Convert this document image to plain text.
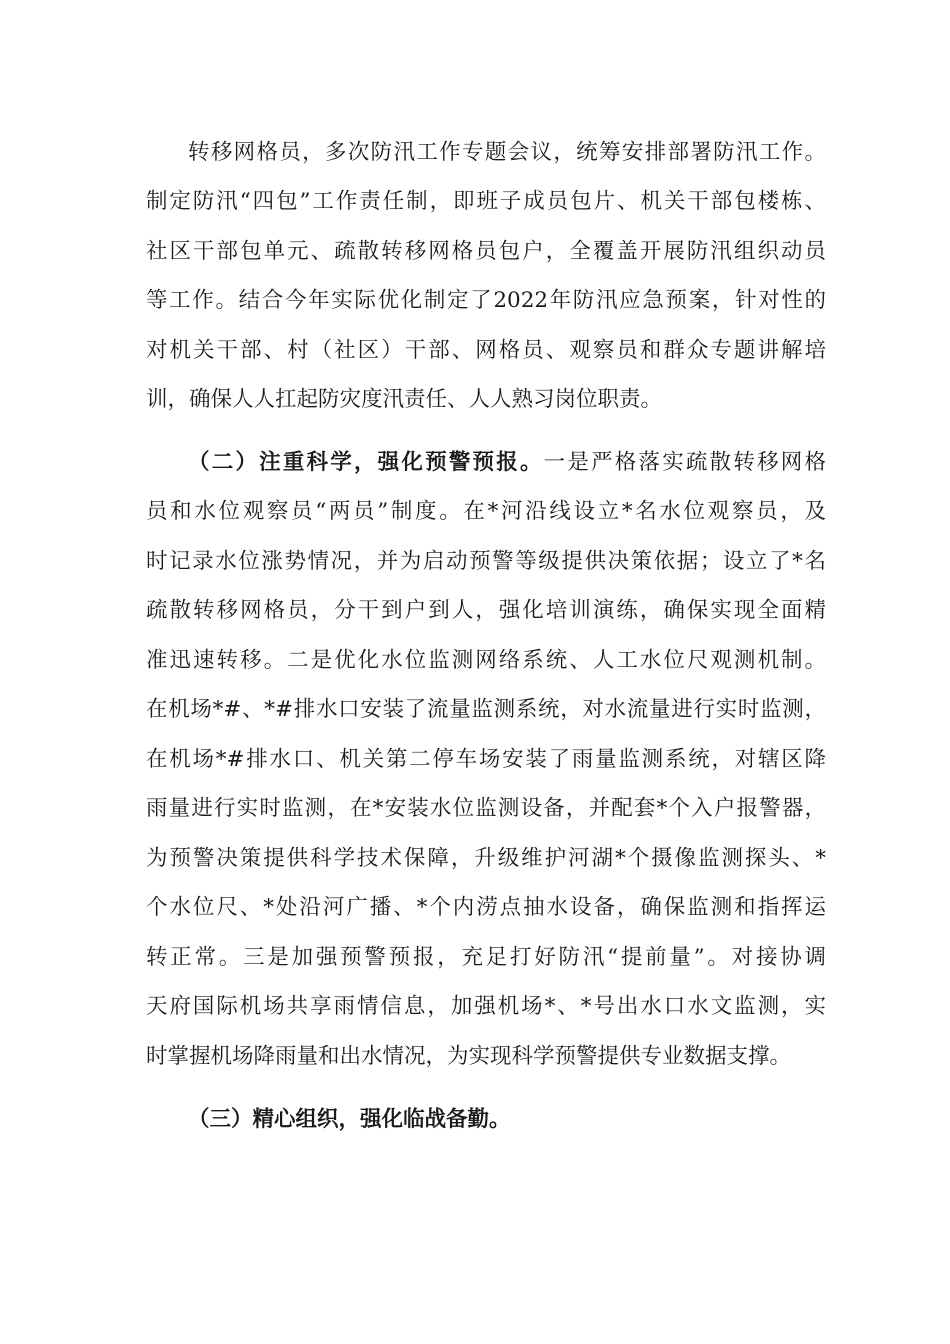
转移网格员，多次防汛工作专题会议，统筹安排部署防汛工作。
制定防汛“四包”工作责任制，即班子成员包片、机关干部包楼栋、
社区干部包单元、疏散转移网格员包户，全覆盖开展防汛组织动员
等工作。结合今年实际优化制定了2022年防汛应急预案，针对性的
对机关干部、村（社区）干部、网格员、观察员和群众专题讲解培
训，确保人人扛起防灾度汛责任、人人熟习岗位职责。
（二）注重科学，强化预警预报。一是严格落实疏散转移网格
员和水位观察员“两员”制度。在*河沿线设立*名水位观察员，及
时记录水位涨势情况，并为启动预警等级提供决策依据；设立了*名
疏散转移网格员，分干到户到人，强化培训演练，确保实现全面精
准迅速转移。二是优化水位监测网络系统、人工水位尺观测机制。
在机场*#、*#排水口安装了流量监测系统，对水流量进行实时监测，
在机场*#排水口、机关第二停车场安装了雨量监测系统，对辖区降
雨量进行实时监测，在*安装水位监测设备，并配套*个入户报警器，
为预警决策提供科学技术保障，升级维护河湖*个摄像监测探头、*
个水位尺、*处沿河广播、*个内涝点抽水设备，确保监测和指挥运
转正常。三是加强预警预报，充足打好防汛“提前量”。对接协调
天府国际机场共享雨情信息，加强机场*、*号出水口水文监测，实
时掌握机场降雨量和出水情况，为实现科学预警提供专业数据支撑。
（三）精心组织，强化临战备勤。
